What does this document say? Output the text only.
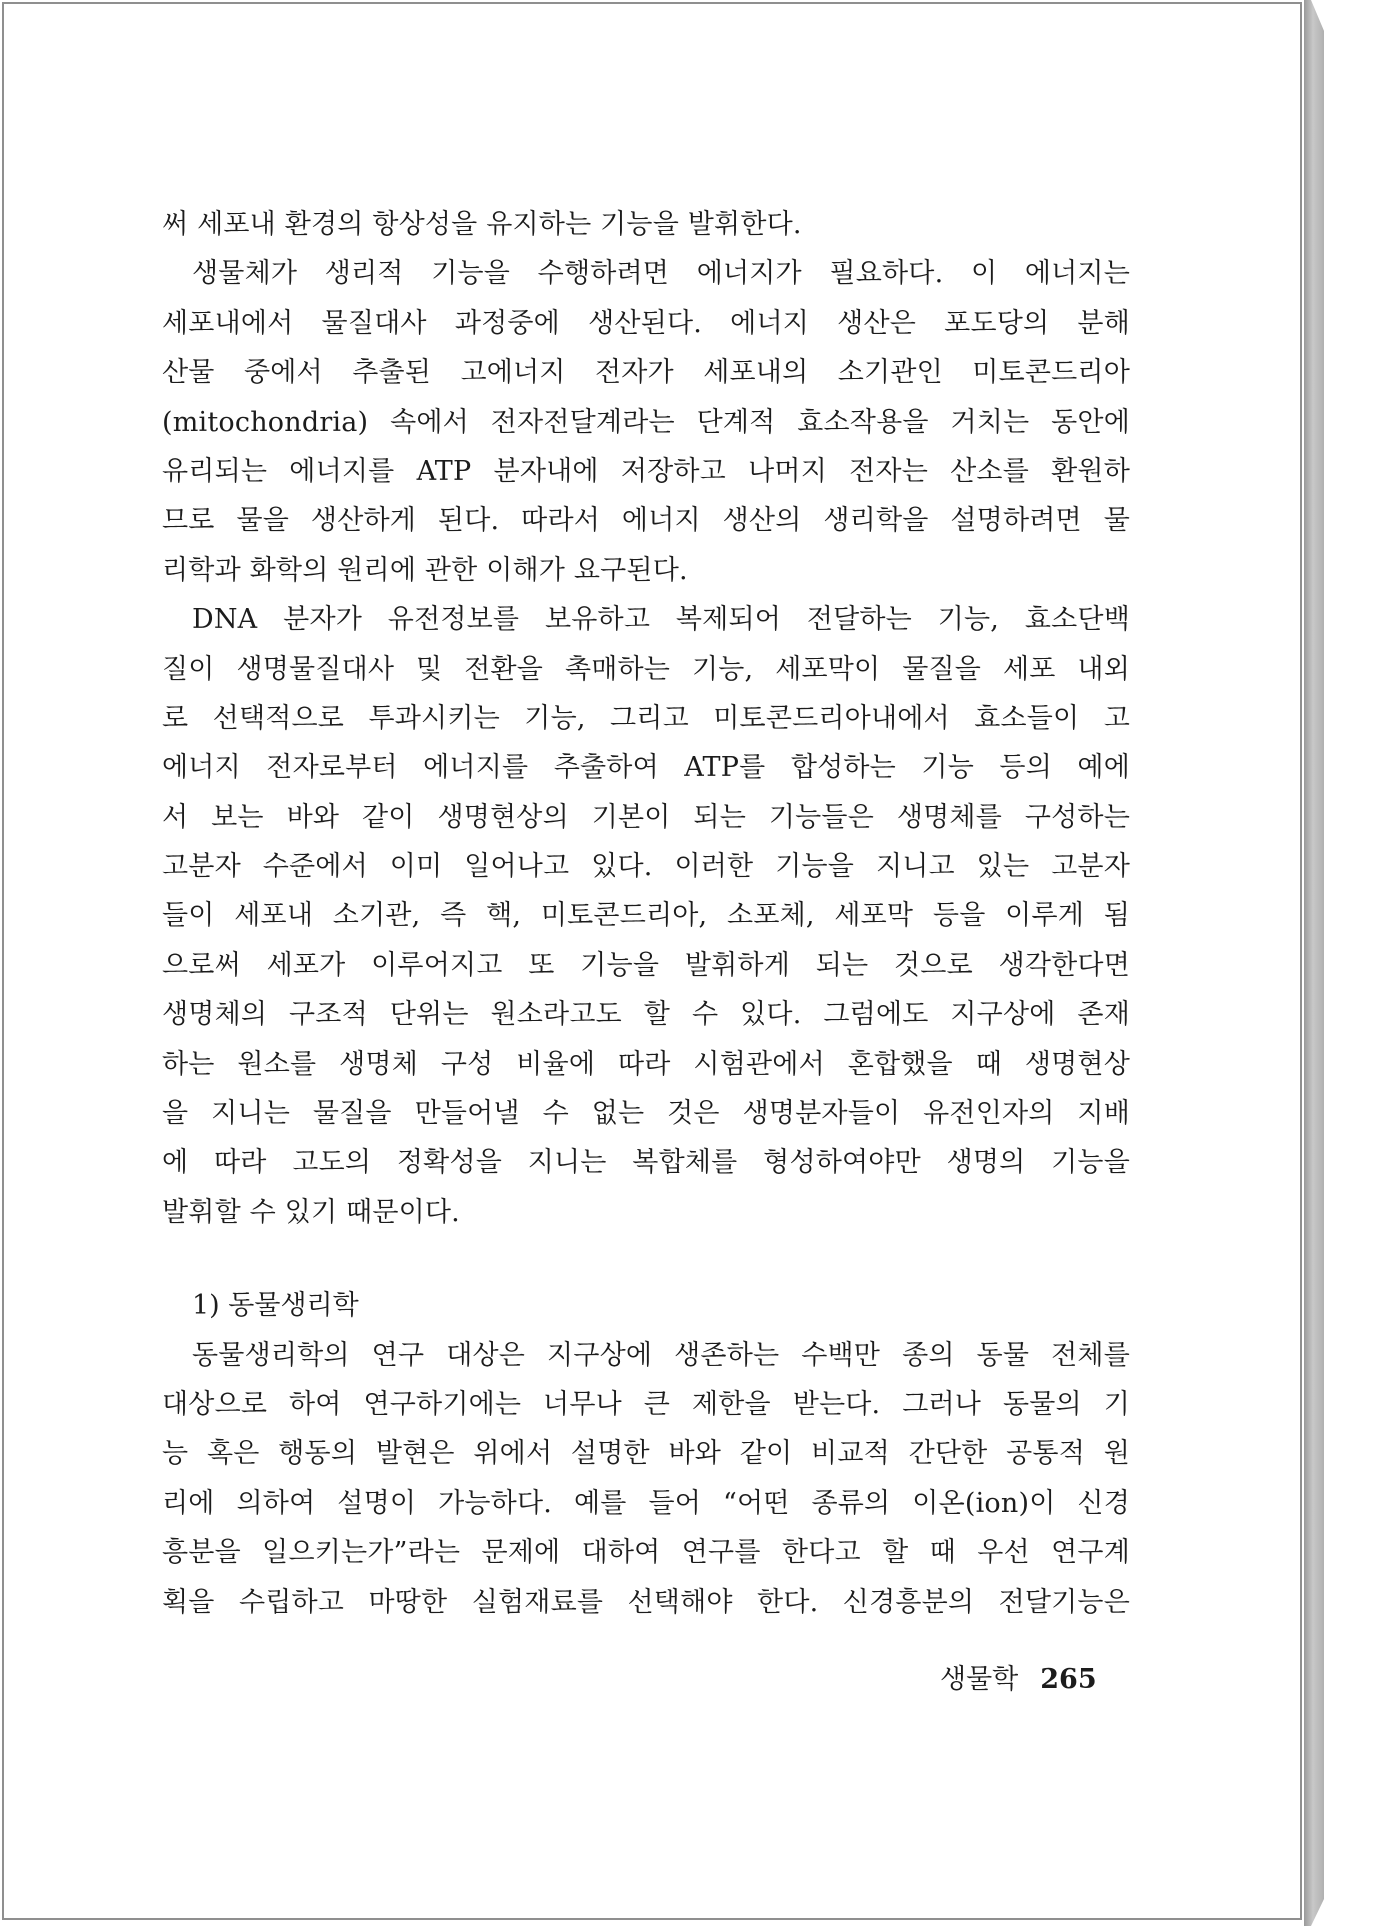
써 세포내 환경의 항상성을 유지하는 기능을 발휘한다.
생물체가 생리적 기능을 수행하려면 에너지가 필요하다. 이 에너지는
세포내에서 물질대사 과정중에 생산된다. 에너지 생산은 포도당의 분해
산물 중에서 추출된 고에너지 전자가 세포내의 소기관인 미토콘드리아
(mitochondria) 속에서 전자전달계라는 단계적 효소작용을 거치는 동안에
유리되는 에너지를 ATP 분자내에 저장하고 나머지 전자는 산소를 환원하
므로 물을 생산하게 된다. 따라서 에너지 생산의 생리학을 설명하려면 물
리학과 화학의 원리에 관한 이해가 요구된다.
DNA 분자가 유전정보를 보유하고 복제되어 전달하는 기능, 효소단백
질이 생명물질대사 및 전환을 촉매하는 기능, 세포막이 물질을 세포 내외
로 선택적으로 투과시키는 기능, 그리고 미토콘드리아내에서 효소들이 고
에너지 전자로부터 에너지를 추출하여 ATP를 합성하는 기능 등의 예에
서 보는 바와 같이 생명현상의 기본이 되는 기능들은 생명체를 구성하는
고분자 수준에서 이미 일어나고 있다. 이러한 기능을 지니고 있는 고분자
들이 세포내 소기관, 즉 핵, 미토콘드리아, 소포체, 세포막 등을 이루게 됨
으로써 세포가 이루어지고 또 기능을 발휘하게 되는 것으로 생각한다면
생명체의 구조적 단위는 원소라고도 할 수 있다. 그럼에도 지구상에 존재
하는 원소를 생명체 구성 비율에 따라 시험관에서 혼합했을 때 생명현상
을 지니는 물질을 만들어낼 수 없는 것은 생명분자들이 유전인자의 지배
에 따라 고도의 정확성을 지니는 복합체를 형성하여야만 생명의 기능을
발휘할 수 있기 때문이다.
1) 동물생리학
동물생리학의 연구 대상은 지구상에 생존하는 수백만 종의 동물 전체를
대상으로 하여 연구하기에는 너무나 큰 제한을 받는다. 그러나 동물의 기
능 혹은 행동의 발현은 위에서 설명한 바와 같이 비교적 간단한 공통적 원
리에 의하여 설명이 가능하다. 예를 들어 “어떤 종류의 이온(ion)이 신경
흥분을 일으키는가”라는 문제에 대하여 연구를 한다고 할 때 우선 연구계
획을 수립하고 마땅한 실험재료를 선택해야 한다. 신경흥분의 전달기능은
생물학 265
